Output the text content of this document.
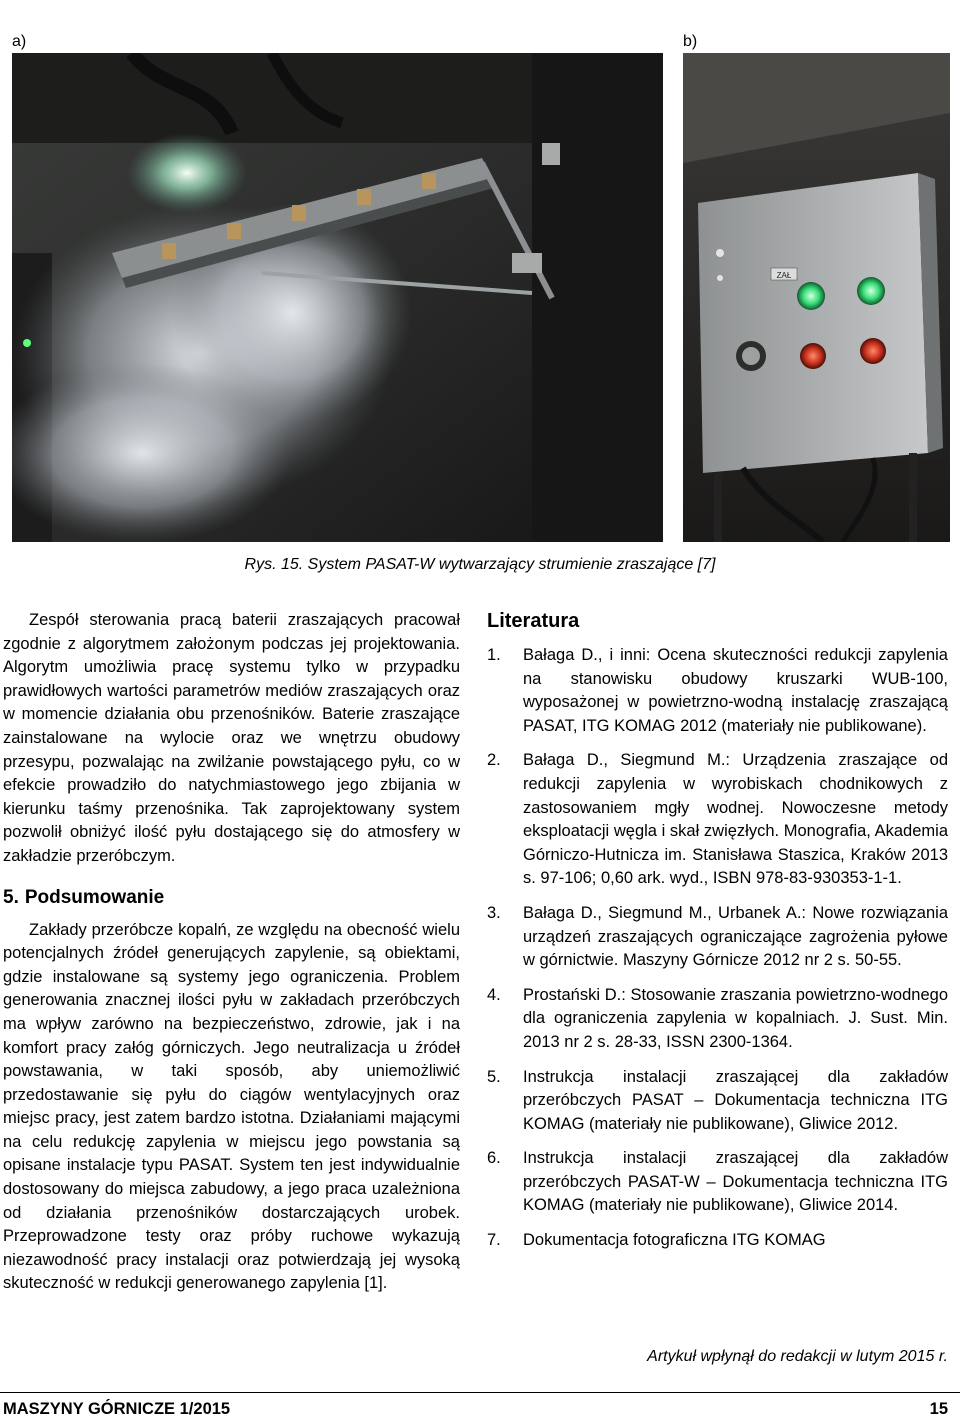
a)	b)
ZAŁ
Rys. 15. System PASAT-W wytwarzający strumienie zraszające [7]

Zespół sterowania pracą baterii zraszających pracował zgodnie z algorytmem założonym podczas jej projektowania. Algorytm umożliwia pracę systemu tylko w przypadku prawidłowych wartości parametrów mediów zraszających oraz w momencie działania obu przenośników. Baterie zraszające zainstalowane na wylocie oraz we wnętrzu obudowy przesypu, pozwalając na zwilżanie powstającego pyłu, co w efekcie prowadziło do natychmiastowego jego zbijania w kierunku taśmy przenośnika. Tak zaprojektowany system pozwolił obniżyć ilość pyłu dostającego się do atmosfery w zakładzie przeróbczym.

5. Podsumowanie

Zakłady przeróbcze kopalń, ze względu na obecność wielu potencjalnych źródeł generujących zapylenie, są obiektami, gdzie instalowane są systemy jego ograniczenia. Problem generowania znacznej ilości pyłu w zakładach przeróbczych ma wpływ zarówno na bezpieczeństwo, zdrowie, jak i na komfort pracy załóg górniczych. Jego neutralizacja u źródeł powstawania, w taki sposób, aby uniemożliwić przedostawanie się pyłu do ciągów wentylacyjnych oraz miejsc pracy, jest zatem bardzo istotna. Działaniami mającymi na celu redukcję zapylenia w miejscu jego powstania są opisane instalacje typu PASAT. System ten jest indywidualnie dostosowany do miejsca zabudowy, a jego praca uzależniona od działania przenośników dostarczających urobek. Przeprowadzone testy oraz próby ruchowe wykazują niezawodność pracy instalacji oraz potwierdzają jej wysoką skuteczność w redukcji generowanego zapylenia [1].

Literatura
1.	Bałaga D., i inni: Ocena skuteczności redukcji zapylenia na stanowisku obudowy kruszarki WUB-100, wyposażonej w powietrzno-wodną instalację zraszającą PASAT, ITG KOMAG 2012 (materiały nie publikowane).
2.	Bałaga D., Siegmund M.: Urządzenia zraszające od redukcji zapylenia w wyrobiskach chodnikowych z zastosowaniem mgły wodnej. Nowoczesne metody eksploatacji węgla i skał zwięzłych. Monografia, Akademia Górniczo-Hutnicza im. Stanisława Staszica, Kraków 2013 s. 97-106; 0,60 ark. wyd., ISBN 978-83-930353-1-1.
3.	Bałaga D., Siegmund M., Urbanek A.: Nowe rozwiązania urządzeń zraszających ograniczające zagrożenia pyłowe w górnictwie. Maszyny Górnicze 2012 nr 2 s. 50-55.
4.	Prostański D.: Stosowanie zraszania powietrzno-wodnego dla ograniczenia zapylenia w kopalniach. J. Sust. Min. 2013 nr 2 s. 28-33, ISSN 2300-1364.
5.	Instrukcja instalacji zraszającej dla zakładów przeróbczych PASAT – Dokumentacja techniczna ITG KOMAG (materiały nie publikowane), Gliwice 2012.
6.	Instrukcja instalacji zraszającej dla zakładów przeróbczych PASAT-W – Dokumentacja techniczna ITG KOMAG (materiały nie publikowane), Gliwice 2014.
7.	Dokumentacja fotograficzna ITG KOMAG
Artykuł wpłynął do redakcji w lutym 2015 r.
MASZYNY GÓRNICZE 1/2015	15
